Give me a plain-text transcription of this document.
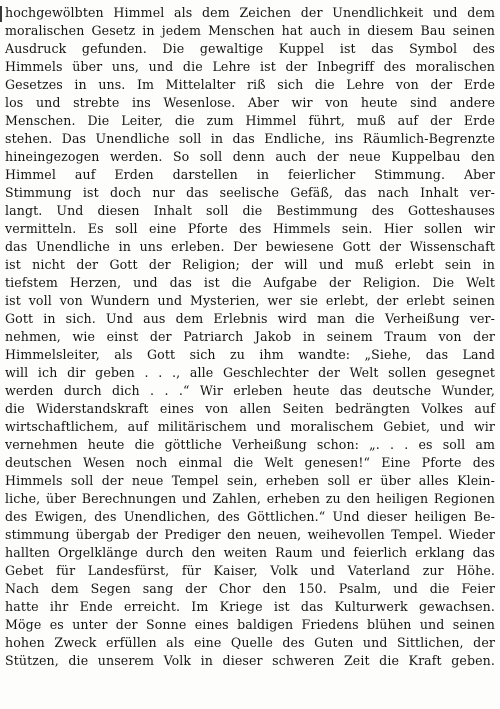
hochgewölbten Himmel als dem Zeichen der Unendlichkeit und dem
moralischen Gesetz in jedem Menschen hat auch in diesem Bau seinen
Ausdruck gefunden. Die gewaltige Kuppel ist das Symbol des
Himmels über uns, und die Lehre ist der Inbegriff des moralischen
Gesetzes in uns. Im Mittelalter riß sich die Lehre von der Erde
los und strebte ins Wesenlose. Aber wir von heute sind andere
Menschen. Die Leiter, die zum Himmel führt, muß auf der Erde
stehen. Das Unendliche soll in das Endliche, ins Räumlich-Begrenzte
hineingezogen werden. So soll denn auch der neue Kuppelbau den
Himmel auf Erden darstellen in feierlicher Stimmung. Aber
Stimmung ist doch nur das seelische Gefäß, das nach Inhalt ver-
langt. Und diesen Inhalt soll die Bestimmung des Gotteshauses
vermitteln. Es soll eine Pforte des Himmels sein. Hier sollen wir
das Unendliche in uns erleben. Der bewiesene Gott der Wissenschaft
ist nicht der Gott der Religion; der will und muß erlebt sein in
tiefstem Herzen, und das ist die Aufgabe der Religion. Die Welt
ist voll von Wundern und Mysterien, wer sie erlebt, der erlebt seinen
Gott in sich. Und aus dem Erlebnis wird man die Verheißung ver-
nehmen, wie einst der Patriarch Jakob in seinem Traum von der
Himmelsleiter, als Gott sich zu ihm wandte: „Siehe, das Land
will ich dir geben . . ., alle Geschlechter der Welt sollen gesegnet
werden durch dich . . .“ Wir erleben heute das deutsche Wunder,
die Widerstandskraft eines von allen Seiten bedrängten Volkes auf
wirtschaftlichem, auf militärischem und moralischem Gebiet, und wir
vernehmen heute die göttliche Verheißung schon: „. . . es soll am
deutschen Wesen noch einmal die Welt genesen!“ Eine Pforte des
Himmels soll der neue Tempel sein, erheben soll er über alles Klein-
liche, über Berechnungen und Zahlen, erheben zu den heiligen Regionen
des Ewigen, des Unendlichen, des Göttlichen.“ Und dieser heiligen Be-
stimmung übergab der Prediger den neuen, weihevollen Tempel. Wieder
hallten Orgelklänge durch den weiten Raum und feierlich erklang das
Gebet für Landesfürst, für Kaiser, Volk und Vaterland zur Höhe.
Nach dem Segen sang der Chor den 150. Psalm, und die Feier
hatte ihr Ende erreicht. Im Kriege ist das Kulturwerk gewachsen.
Möge es unter der Sonne eines baldigen Friedens blühen und seinen
hohen Zweck erfüllen als eine Quelle des Guten und Sittlichen, der
Stützen, die unserem Volk in dieser schweren Zeit die Kraft geben.
